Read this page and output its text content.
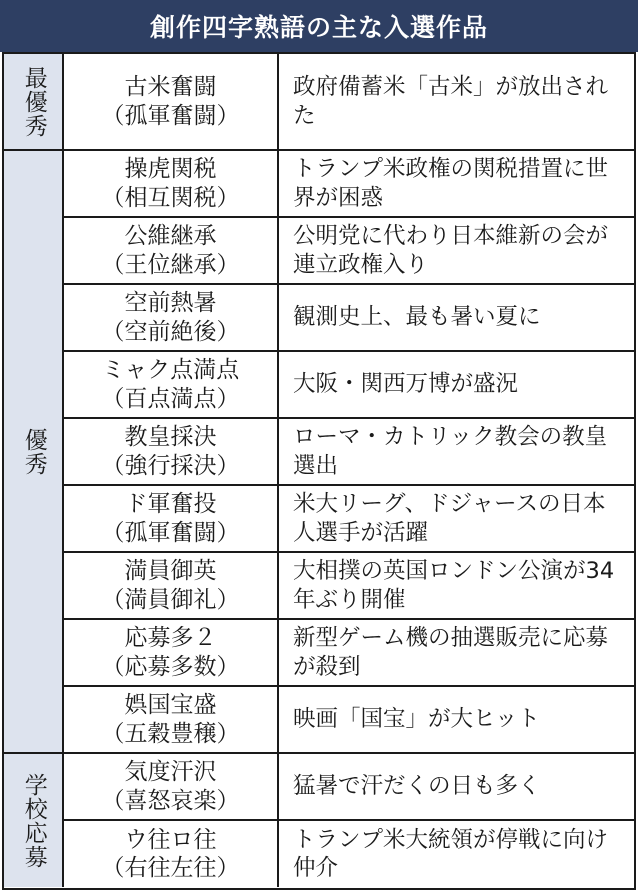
創作四字熟語の主な入選作品
最優秀
優秀
学校応募
古米奮闘
（孤軍奮闘）
政府備蓄米「古米」が放出された
操虎関税
（相互関税）
トランプ米政権の関税措置に世界が困惑
公維継承
（王位継承）
公明党に代わり日本維新の会が連立政権入り
空前熱暑
（空前絶後）
観測史上、最も暑い夏に
ミャク点満点
（百点満点）
大阪・関西万博が盛況
教皇採決
（強行採決）
ローマ・カトリック教会の教皇選出
ド軍奮投
（孤軍奮闘）
米大リーグ、ドジャースの日本人選手が活躍
満員御英
（満員御礼）
大相撲の英国ロンドン公演が34年ぶり開催
応募多２
（応募多数）
新型ゲーム機の抽選販売に応募が殺到
娯国宝盛
（五穀豊穣）
映画「国宝」が大ヒット
気度汗沢
（喜怒哀楽）
猛暑で汗だくの日も多く
ウ往ロ往
（右往左往）
トランプ米大統領が停戦に向け仲介
